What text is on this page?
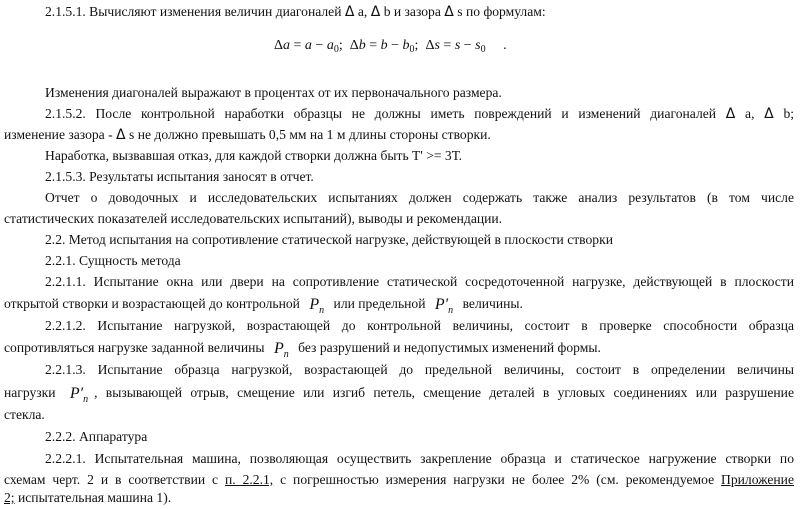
2.1.5.1. Вычисляют изменения величин диагоналей Δ a, Δ b и зазора Δ s по формулам:
$\Delta a = a - a_0$; $\Delta b = b - b_0$; $\Delta s = s - s_0$ .
Изменения диагоналей выражают в процентах от их первоначального размера.
2.1.5.2. После контрольной наработки образцы не должны иметь повреждений и изменений диагоналей Δ a, Δ b;
изменение зазора - Δ s не должно превышать 0,5 мм на 1 м длины стороны створки.
Наработка, вызвавшая отказ, для каждой створки должна быть Т' >= 3Т.
2.1.5.3. Результаты испытания заносят в отчет.
Отчет о доводочных и исследовательских испытаниях должен содержать также анализ результатов (в том числе
статистических показателей исследовательских испытаний), выводы и рекомендации.
2.2. Метод испытания на сопротивление статической нагрузке, действующей в плоскости створки
2.2.1. Сущность метода
2.2.1.1. Испытание окна или двери на сопротивление статической сосредоточенной нагрузке, действующей в плоскости
открытой створки и возрастающей до контрольной $P_п$ или предельной $P'_п$ величины.
2.2.1.2. Испытание нагрузкой, возрастающей до контрольной величины, состоит в проверке способности образца
сопротивляться нагрузке заданной величины $P_п$ без разрушений и недопустимых изменений формы.
2.2.1.3. Испытание образца нагрузкой, возрастающей до предельной величины, состоит в определении величины
нагрузки $P'_п$ , вызывающей отрыв, смещение или изгиб петель, смещение деталей в угловых соединениях или разрушение
стекла.
2.2.2. Аппаратура
2.2.2.1. Испытательная машина, позволяющая осуществить закрепление образца и статическое нагружение створки по
схемам черт. 2 и в соответствии с п. 2.2.1, с погрешностью измерения нагрузки не более 2% (см. рекомендуемое Приложение
2; испытательная машина 1).
